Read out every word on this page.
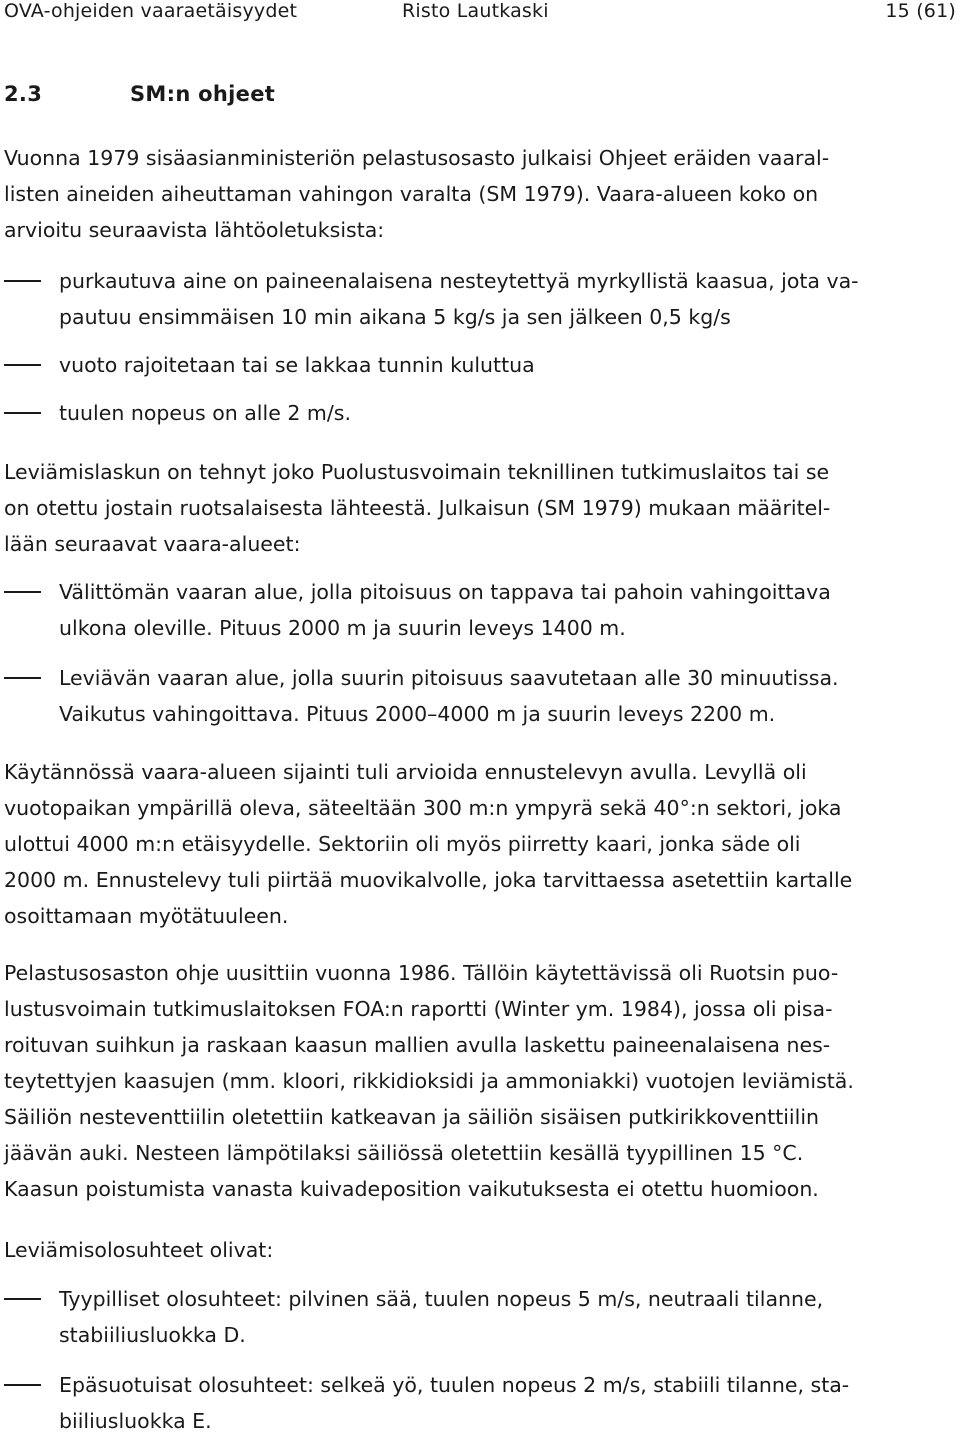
OVA-ohjeiden vaaraetäisyydet	Risto Lautkaski	15 (61)
2.3	SM:n ohjeet
Vuonna 1979 sisäasianministeriön pelastusosasto julkaisi Ohjeet eräiden vaaral-
listen aineiden aiheuttaman vahingon varalta (SM 1979). Vaara-alueen koko on
arvioitu seuraavista lähtöoletuksista:
purkautuva aine on paineenalaisena nesteytettyä myrkyllistä kaasua, jota va-
pautuu ensimmäisen 10 min aikana 5 kg/s ja sen jälkeen 0,5 kg/s
vuoto rajoitetaan tai se lakkaa tunnin kuluttua
tuulen nopeus on alle 2 m/s.
Leviämislaskun on tehnyt joko Puolustusvoimain teknillinen tutkimuslaitos tai se
on otettu jostain ruotsalaisesta lähteestä. Julkaisun (SM 1979) mukaan määritel-
lään seuraavat vaara-alueet:
Välittömän vaaran alue, jolla pitoisuus on tappava tai pahoin vahingoittava
ulkona oleville. Pituus 2000 m ja suurin leveys 1400 m.
Leviävän vaaran alue, jolla suurin pitoisuus saavutetaan alle 30 minuutissa.
Vaikutus vahingoittava. Pituus 2000–4000 m ja suurin leveys 2200 m.
Käytännössä vaara-alueen sijainti tuli arvioida ennustelevyn avulla. Levyllä oli
vuotopaikan ympärillä oleva, säteeltään 300 m:n ympyrä sekä 40°:n sektori, joka
ulottui 4000 m:n etäisyydelle. Sektoriin oli myös piirretty kaari, jonka säde oli
2000 m. Ennustelevy tuli piirtää muovikalvolle, joka tarvittaessa asetettiin kartalle
osoittamaan myötätuuleen.
Pelastusosaston ohje uusittiin vuonna 1986. Tällöin käytettävissä oli Ruotsin puo-
lustusvoimain tutkimuslaitoksen FOA:n raportti (Winter ym. 1984), jossa oli pisa-
roituvan suihkun ja raskaan kaasun mallien avulla laskettu paineenalaisena nes-
teytettyjen kaasujen (mm. kloori, rikkidioksidi ja ammoniakki) vuotojen leviämistä.
Säiliön nesteventtiilin oletettiin katkeavan ja säiliön sisäisen putkirikkoventtiilin
jäävän auki. Nesteen lämpötilaksi säiliössä oletettiin kesällä tyypillinen 15 °C.
Kaasun poistumista vanasta kuivadeposition vaikutuksesta ei otettu huomioon.
Leviämisolosuhteet olivat:
Tyypilliset olosuhteet: pilvinen sää, tuulen nopeus 5 m/s, neutraali tilanne,
stabiiliusluokka D.
Epäsuotuisat olosuhteet: selkeä yö, tuulen nopeus 2 m/s, stabiili tilanne, sta-
biiliusluokka E.
